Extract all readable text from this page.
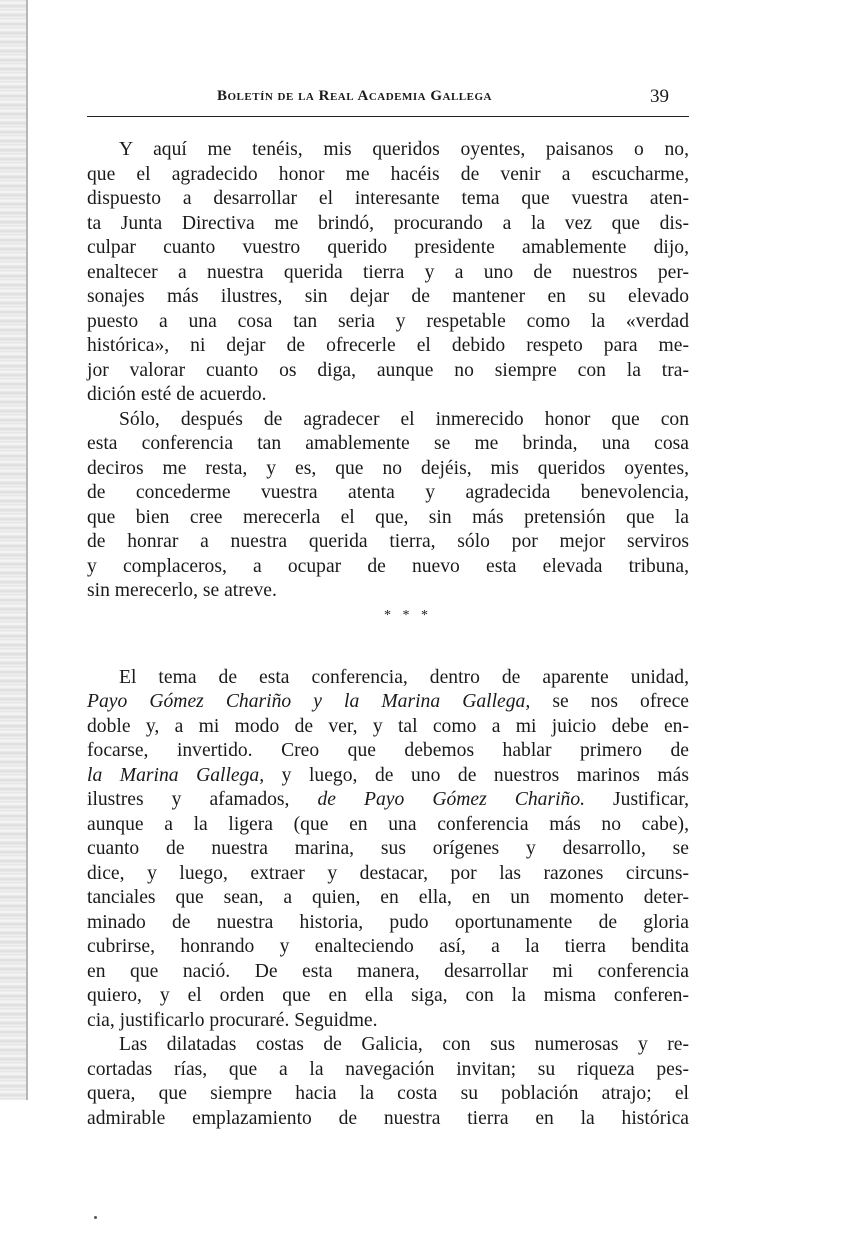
Boletín de la Real Academia Gallega	39
Y aquí me tenéis, mis queridos oyentes, paisanos o no,
que el agradecido honor me hacéis de venir a escucharme,
dispuesto a desarrollar el interesante tema que vuestra aten-
ta Junta Directiva me brindó, procurando a la vez que dis-
culpar cuanto vuestro querido presidente amablemente dijo,
enaltecer a nuestra querida tierra y a uno de nuestros per-
sonajes más ilustres, sin dejar de mantener en su elevado
puesto a una cosa tan seria y respetable como la «verdad
histórica», ni dejar de ofrecerle el debido respeto para me-
jor valorar cuanto os diga, aunque no siempre con la tra-
dición esté de acuerdo.
Sólo, después de agradecer el inmerecido honor que con
esta conferencia tan amablemente se me brinda, una cosa
deciros me resta, y es, que no dejéis, mis queridos oyentes,
de concederme vuestra atenta y agradecida benevolencia,
que bien cree merecerla el que, sin más pretensión que la
de honrar a nuestra querida tierra, sólo por mejor serviros
y complaceros, a ocupar de nuevo esta elevada tribuna,
sin merecerlo, se atreve.
* * *
El tema de esta conferencia, dentro de aparente unidad,
Payo Gómez Chariño y la Marina Gallega, se nos ofrece
doble y, a mi modo de ver, y tal como a mi juicio debe en-
focarse, invertido. Creo que debemos hablar primero de
la Marina Gallega, y luego, de uno de nuestros marinos más
ilustres y afamados, de Payo Gómez Chariño. Justificar,
aunque a la ligera (que en una conferencia más no cabe),
cuanto de nuestra marina, sus orígenes y desarrollo, se
dice, y luego, extraer y destacar, por las razones circuns-
tanciales que sean, a quien, en ella, en un momento deter-
minado de nuestra historia, pudo oportunamente de gloria
cubrirse, honrando y enalteciendo así, a la tierra bendita
en que nació. De esta manera, desarrollar mi conferencia
quiero, y el orden que en ella siga, con la misma conferen-
cia, justificarlo procuraré. Seguidme.
Las dilatadas costas de Galicia, con sus numerosas y re-
cortadas rías, que a la navegación invitan; su riqueza pes-
quera, que siempre hacia la costa su población atrajo; el
admirable emplazamiento de nuestra tierra en la histórica
